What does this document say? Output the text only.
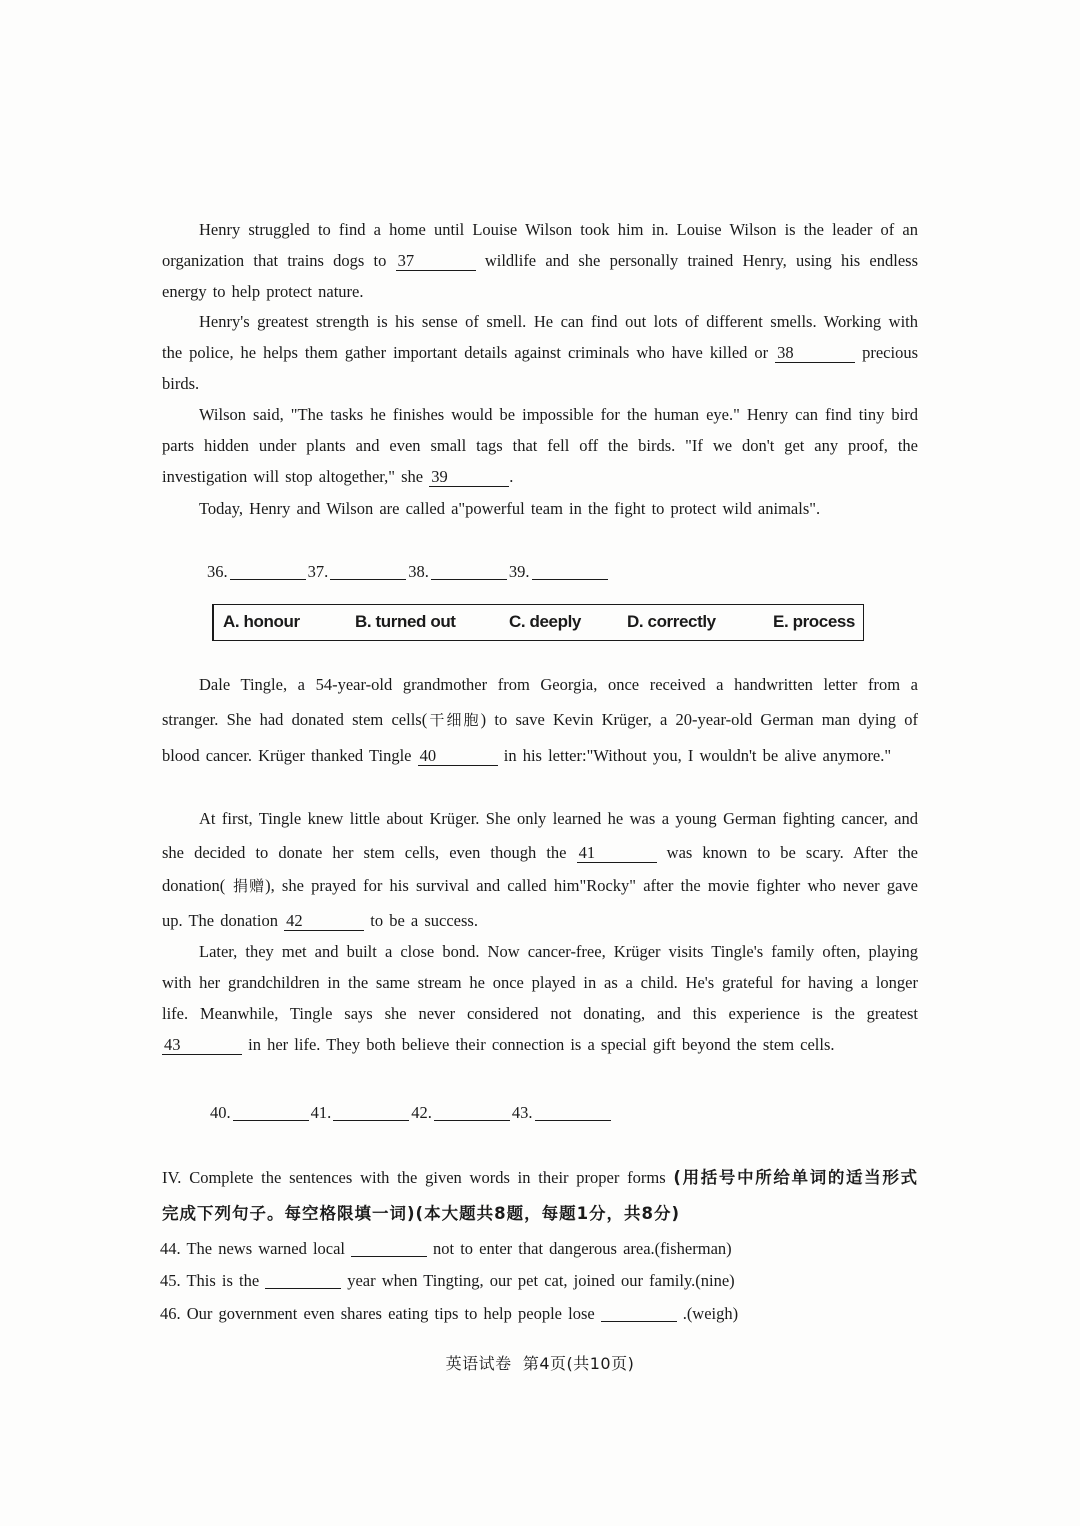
Henry struggled to find a home until Louise Wilson took him in. Louise Wilson is the leader of an organization that trains dogs to 37	wildlife and she personally trained Henry, using his endless energy to help protect nature.
Henry's greatest strength is his sense of smell. He can find out lots of different smells. Working with the police, he helps them gather important details against criminals who have killed or 38	precious birds.
Wilson said, "The tasks he finishes would be impossible for the human eye." Henry can find tiny bird parts hidden under plants and even small tags that fell off the birds. "If we don't get any proof, the investigation will stop altogether," she 39	.
Today, Henry and Wilson are called a"powerful team in the fight to protect wild animals".
36.	37.	38.	39.
A. honour	B. turned out	C. deeply	D. correctly	E. process
Dale Tingle, a 54-year-old grandmother from Georgia, once received a handwritten letter from a stranger. She had donated stem cells(干细胞) to save Kevin Krüger, a 20-year-old German man dying of blood cancer. Krüger thanked Tingle 40	in his letter:"Without you, I wouldn't be alive anymore."
At first, Tingle knew little about Krüger. She only learned he was a young German fighting cancer, and she decided to donate her stem cells, even though the 41	was known to be scary. After the donation( 捐赠), she prayed for his survival and called him"Rocky" after the movie fighter who never gave up. The donation 42	to be a success.
Later, they met and built a close bond. Now cancer-free, Krüger visits Tingle's family often, playing with her grandchildren in the same stream he once played in as a child. He's grateful for having a longer life. Meanwhile, Tingle says she never considered not donating, and this experience is the greatest 43	in her life. They both believe their connection is a special gift beyond the stem cells.
40.	41.	42.	43.
IV. Complete the sentences with the given words in their proper forms (用括号中所给单词的适当形式完成下列句子。每空格限填一词)(本大题共8题，每题1分，共8分)
44. The news warned local	not to enter that dangerous area.(fisherman)
45. This is the	year when Tingting, our pet cat, joined our family.(nine)
46. Our government even shares eating tips to help people lose	.(weigh)
英语试卷  第4页(共10页)
